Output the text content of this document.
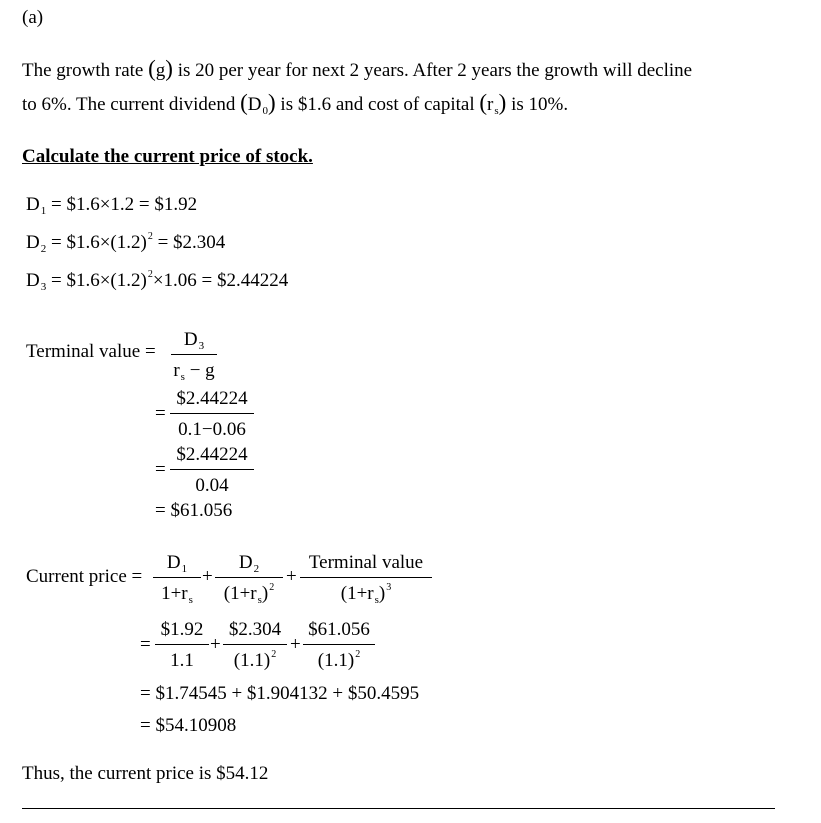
(a)
The growth rate (g) is 20 per year for next 2 years. After 2 years the growth will decline
to 6%. The current dividend $(D_0)$ is $1.6 and cost of capital $(r_s)$ is 10%.
Calculate the current price of stock.
$D_1$ = $1.6×1.2 = $1.92
$D_2$ = $\$1.6\times(1.2)^2$ = $2.304
$D_3$ = $\$1.6\times(1.2)^2\times 1.06$ = $2.44224
Terminal value =
$D_3$
$r_s - g$
=
$2.44224
0.1−0.06
=
$2.44224
0.04
= $61.056
Current price =
$D_1$
$1+r_s$
+
$D_2$
$(1+r_s)^2$
+
Terminal value
$(1+r_s)^3$
=
$1.92
1.1
+
$2.304
$(1.1)^2$ +
$61.056
$(1.1)^2$
= $1.74545 + $1.904132 + $50.4595
= $54.10908
Thus, the current price is $54.12
